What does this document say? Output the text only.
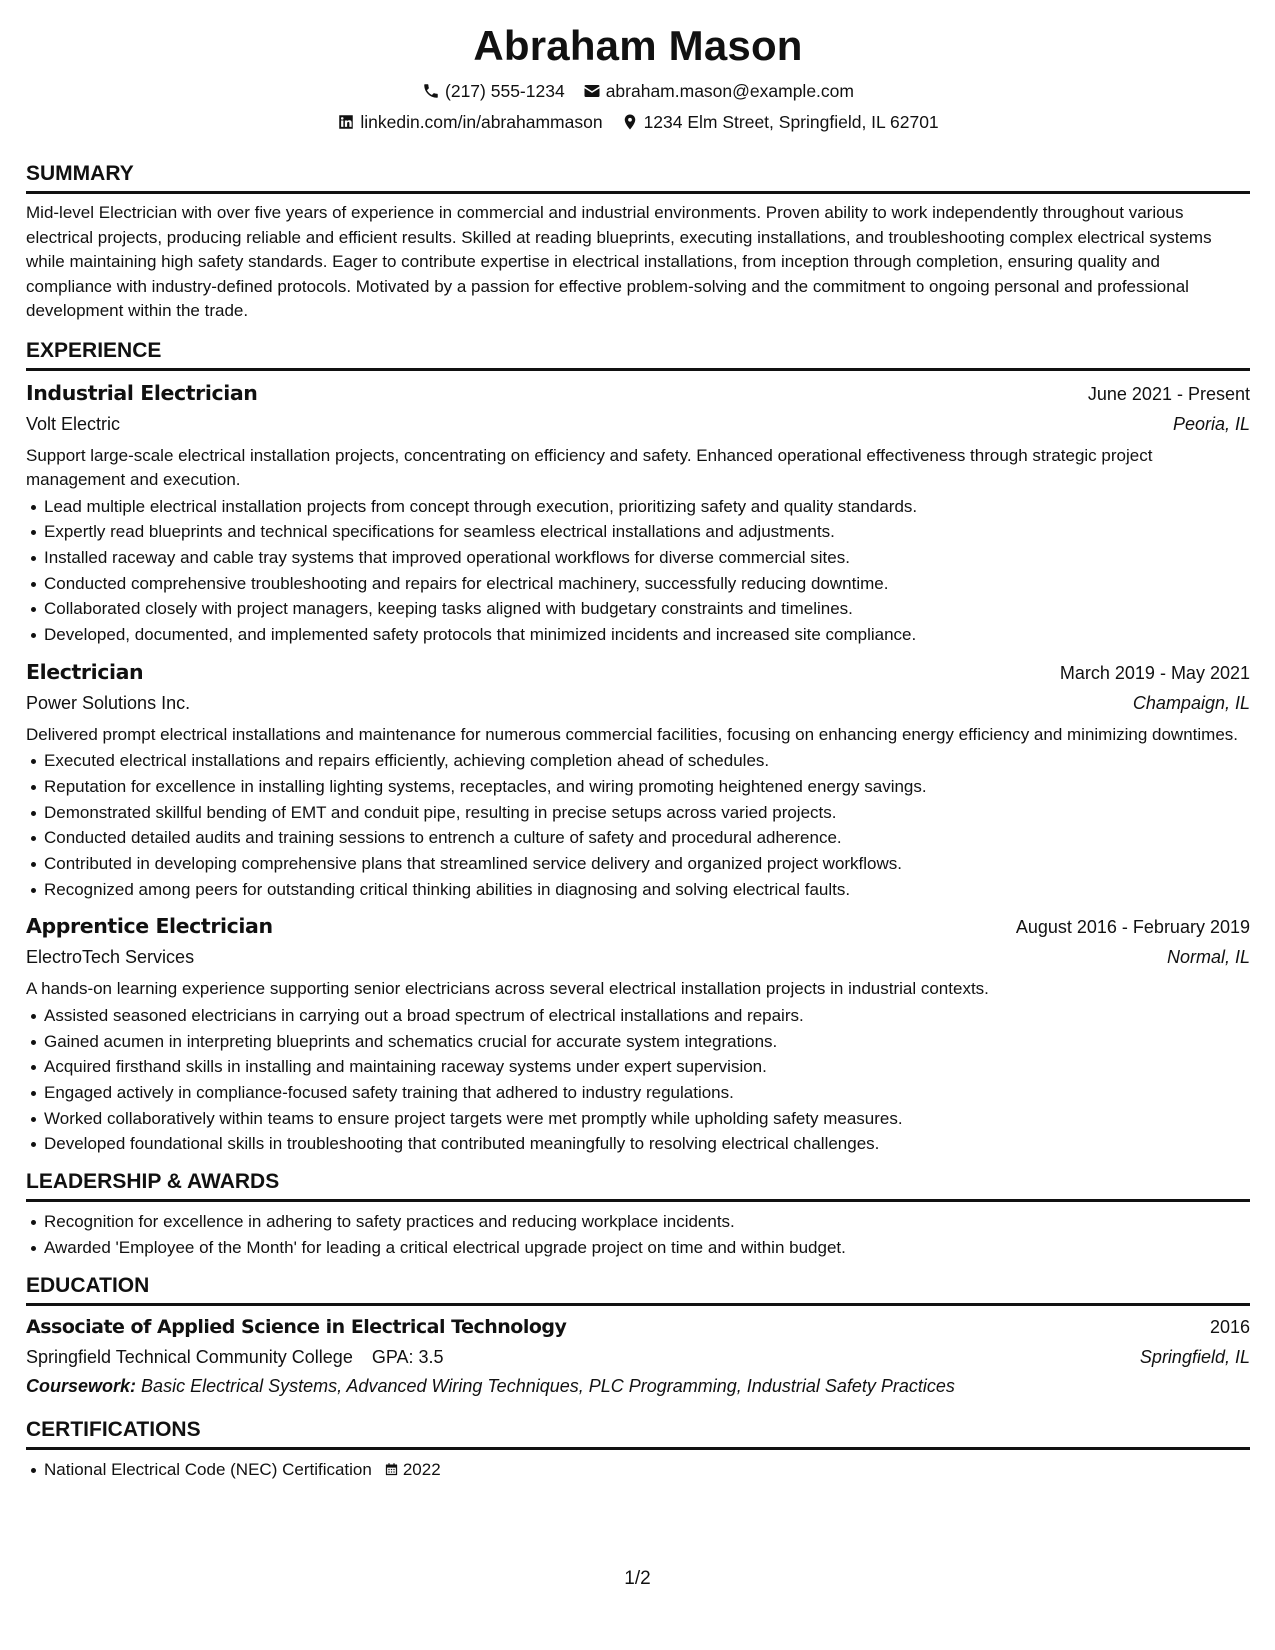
Abraham Mason
(217) 555-1234 abraham.mason@example.com
linkedin.com/in/abrahammason 1234 Elm Street, Springfield, IL 62701
SUMMARY

Mid-level Electrician with over five years of experience in commercial and industrial environments. Proven ability to work independently throughout various electrical projects, producing reliable and efficient results. Skilled at reading blueprints, executing installations, and troubleshooting complex electrical systems while maintaining high safety standards. Eager to contribute expertise in electrical installations, from inception through completion, ensuring quality and compliance with industry-defined protocols. Motivated by a passion for effective problem-solving and the commitment to ongoing personal and professional development within the trade.

EXPERIENCE
Industrial Electrician	June 2021 - Present
Volt Electric	Peoria, IL

Support large-scale electrical installation projects, concentrating on efficiency and safety. Enhanced operational effectiveness through strategic project management and execution.

Lead multiple electrical installation projects from concept through execution, prioritizing safety and quality standards.
Expertly read blueprints and technical specifications for seamless electrical installations and adjustments.
Installed raceway and cable tray systems that improved operational workflows for diverse commercial sites.
Conducted comprehensive troubleshooting and repairs for electrical machinery, successfully reducing downtime.
Collaborated closely with project managers, keeping tasks aligned with budgetary constraints and timelines.
Developed, documented, and implemented safety protocols that minimized incidents and increased site compliance.
Electrician	March 2019 - May 2021
Power Solutions Inc.	Champaign, IL

Delivered prompt electrical installations and maintenance for numerous commercial facilities, focusing on enhancing energy efficiency and minimizing downtimes.

Executed electrical installations and repairs efficiently, achieving completion ahead of schedules.
Reputation for excellence in installing lighting systems, receptacles, and wiring promoting heightened energy savings.
Demonstrated skillful bending of EMT and conduit pipe, resulting in precise setups across varied projects.
Conducted detailed audits and training sessions to entrench a culture of safety and procedural adherence.
Contributed in developing comprehensive plans that streamlined service delivery and organized project workflows.
Recognized among peers for outstanding critical thinking abilities in diagnosing and solving electrical faults.
Apprentice Electrician	August 2016 - February 2019
ElectroTech Services	Normal, IL

A hands-on learning experience supporting senior electricians across several electrical installation projects in industrial contexts.

Assisted seasoned electricians in carrying out a broad spectrum of electrical installations and repairs.
Gained acumen in interpreting blueprints and schematics crucial for accurate system integrations.
Acquired firsthand skills in installing and maintaining raceway systems under expert supervision.
Engaged actively in compliance-focused safety training that adhered to industry regulations.
Worked collaboratively within teams to ensure project targets were met promptly while upholding safety measures.
Developed foundational skills in troubleshooting that contributed meaningfully to resolving electrical challenges.
LEADERSHIP & AWARDS
Recognition for excellence in adhering to safety practices and reducing workplace incidents.
Awarded 'Employee of the Month' for leading a critical electrical upgrade project on time and within budget.
EDUCATION
Associate of Applied Science in Electrical Technology	2016
Springfield Technical Community College GPA: 3.5	Springfield, IL
Coursework: Basic Electrical Systems, Advanced Wiring Techniques, PLC Programming, Industrial Safety Practices
CERTIFICATIONS
National Electrical Code (NEC) Certification 2022
1/2
